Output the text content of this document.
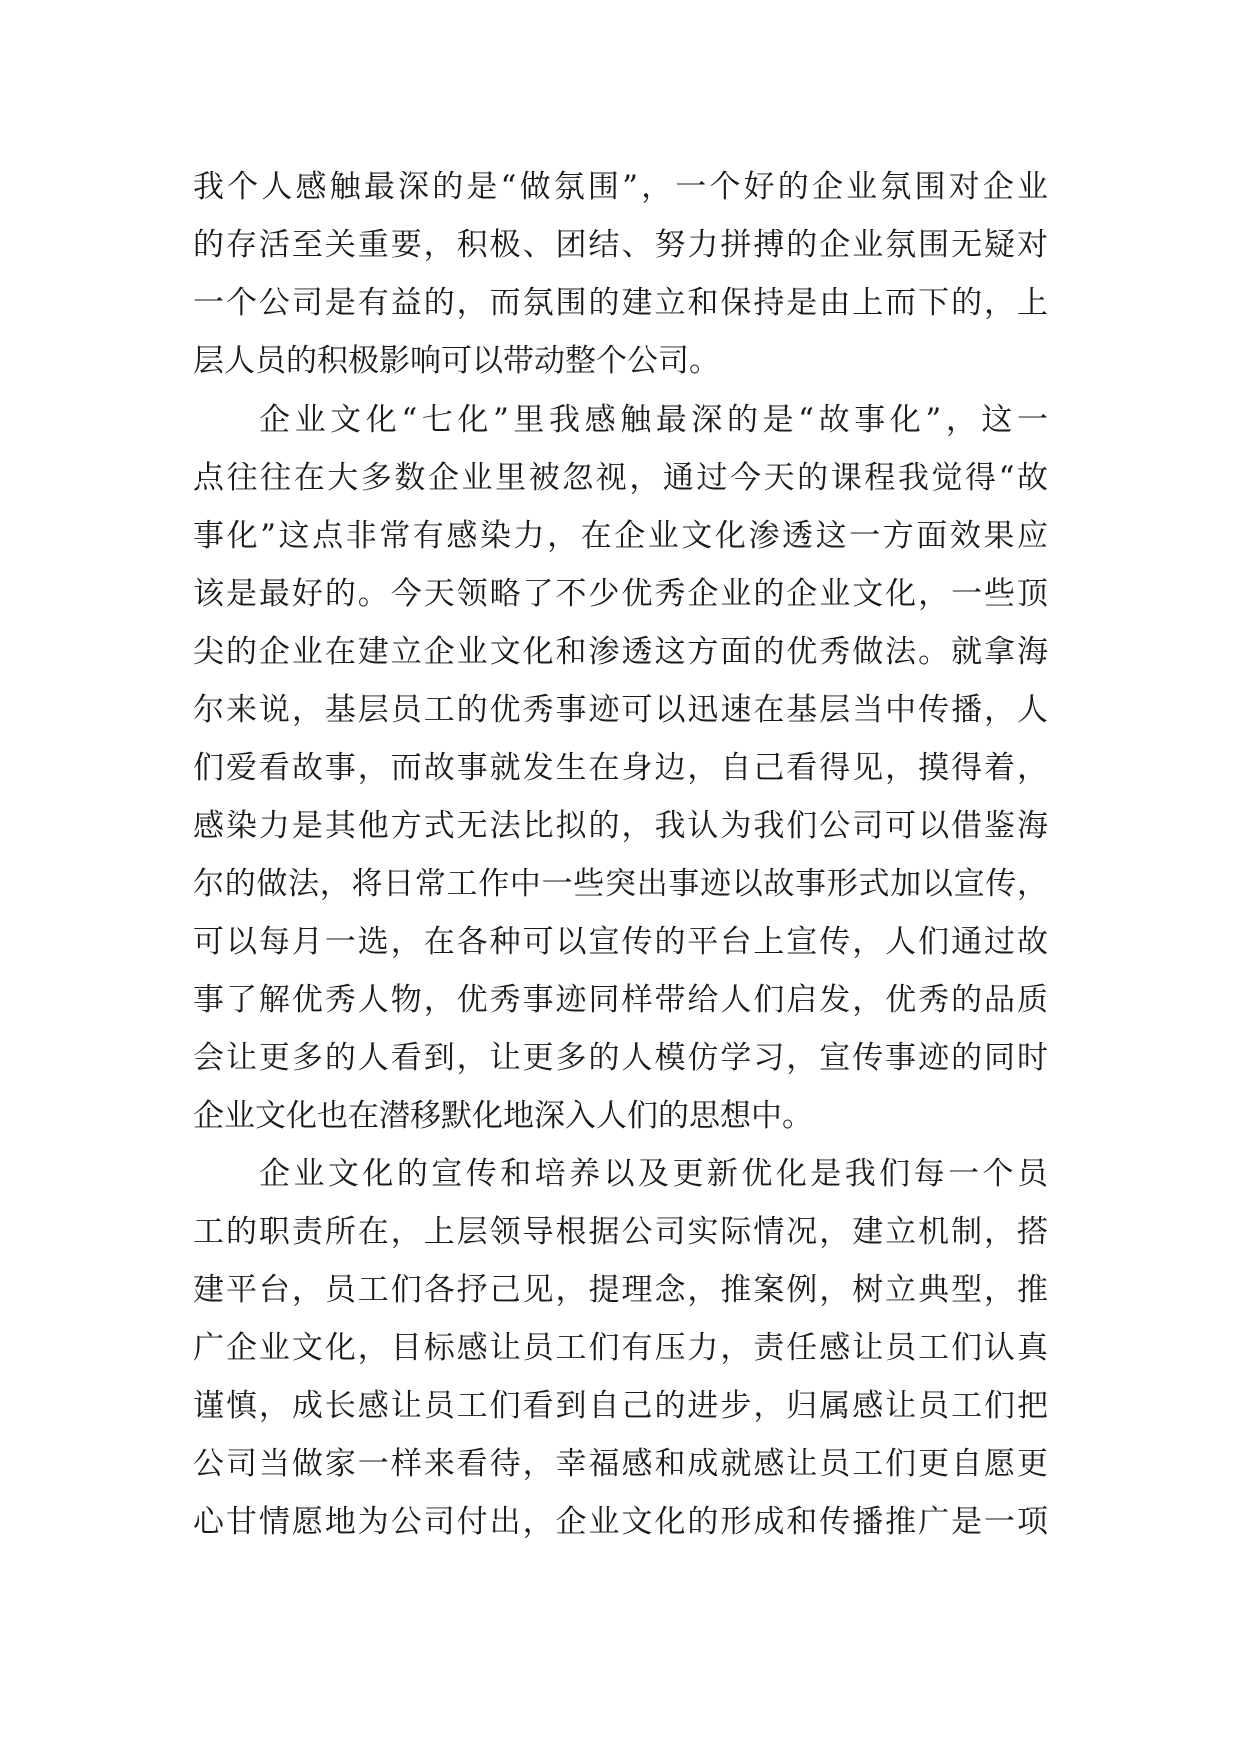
我个人感触最深的是“做氛围”，一个好的企业氛围对企业
的存活至关重要，积极、团结、努力拼搏的企业氛围无疑对
一个公司是有益的，而氛围的建立和保持是由上而下的，上
层人员的积极影响可以带动整个公司。
企业文化“七化”里我感触最深的是“故事化”，这一
点往往在大多数企业里被忽视，通过今天的课程我觉得“故
事化”这点非常有感染力，在企业文化渗透这一方面效果应
该是最好的。今天领略了不少优秀企业的企业文化，一些顶
尖的企业在建立企业文化和渗透这方面的优秀做法。就拿海
尔来说，基层员工的优秀事迹可以迅速在基层当中传播，人
们爱看故事，而故事就发生在身边，自己看得见，摸得着，
感染力是其他方式无法比拟的，我认为我们公司可以借鉴海
尔的做法，将日常工作中一些突出事迹以故事形式加以宣传，
可以每月一选，在各种可以宣传的平台上宣传，人们通过故
事了解优秀人物，优秀事迹同样带给人们启发，优秀的品质
会让更多的人看到，让更多的人模仿学习，宣传事迹的同时
企业文化也在潜移默化地深入人们的思想中。
企业文化的宣传和培养以及更新优化是我们每一个员
工的职责所在，上层领导根据公司实际情况，建立机制，搭
建平台，员工们各抒己见，提理念，推案例，树立典型，推
广企业文化，目标感让员工们有压力，责任感让员工们认真
谨慎，成长感让员工们看到自己的进步，归属感让员工们把
公司当做家一样来看待，幸福感和成就感让员工们更自愿更
心甘情愿地为公司付出，企业文化的形成和传播推广是一项
